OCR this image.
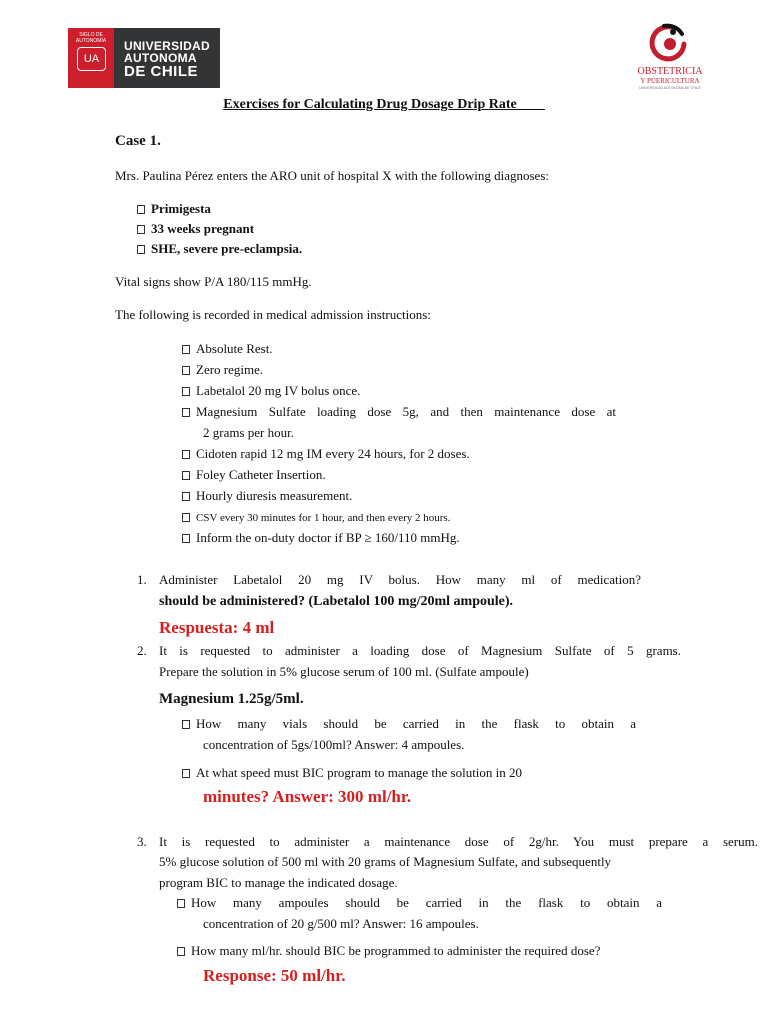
SIGLO DE AUTONOMÍA
UA
UNIVERSIDAD
AUTONOMA
DE CHILE	OBSTETRICIA
Y PUERICULTURA
UNIVERSIDAD AUTÓNOMA DE CHILE
Exercises for Calculating Drug Dosage Drip Rate____
Case 1.
Mrs. Paulina Pérez enters the ARO unit of hospital X with the following diagnoses:
Primigesta
33 weeks pregnant
SHE, severe pre-eclampsia.
Vital signs show P/A 180/115 mmHg.
The following is recorded in medical admission instructions:
Absolute Rest.
Zero regime.
Labetalol 20 mg IV bolus once.
Magnesium Sulfate loading dose 5g, and then maintenance dose at
2 grams per hour.
Cidoten rapid 12 mg IM every 24 hours, for 2 doses.
Foley Catheter Insertion.
Hourly diuresis measurement.
CSV every 30 minutes for 1 hour, and then every 2 hours.
Inform the on-duty doctor if BP ≥ 160/110 mmHg.
1. Administer Labetalol 20 mg IV bolus. How many ml of medication?
should be administered? (Labetalol 100 mg/20ml ampoule).
Respuesta: 4 ml
2. It is requested to administer a loading dose of Magnesium Sulfate of 5 grams.
Prepare the solution in 5% glucose serum of 100 ml. (Sulfate ampoule)
Magnesium 1.25g/5ml.
How many vials should be carried in the flask to obtain a
concentration of 5gs/100ml? Answer: 4 ampoules.
At what speed must BIC program to manage the solution in 20
minutes? Answer: 300 ml/hr.
3. It is requested to administer a maintenance dose of 2g/hr. You must prepare a serum.
5% glucose solution of 500 ml with 20 grams of Magnesium Sulfate, and subsequently
program BIC to manage the indicated dosage.
How many ampoules should be carried in the flask to obtain a
concentration of 20 g/500 ml? Answer: 16 ampoules.
How many ml/hr. should BIC be programmed to administer the required dose?
Response: 50 ml/hr.
